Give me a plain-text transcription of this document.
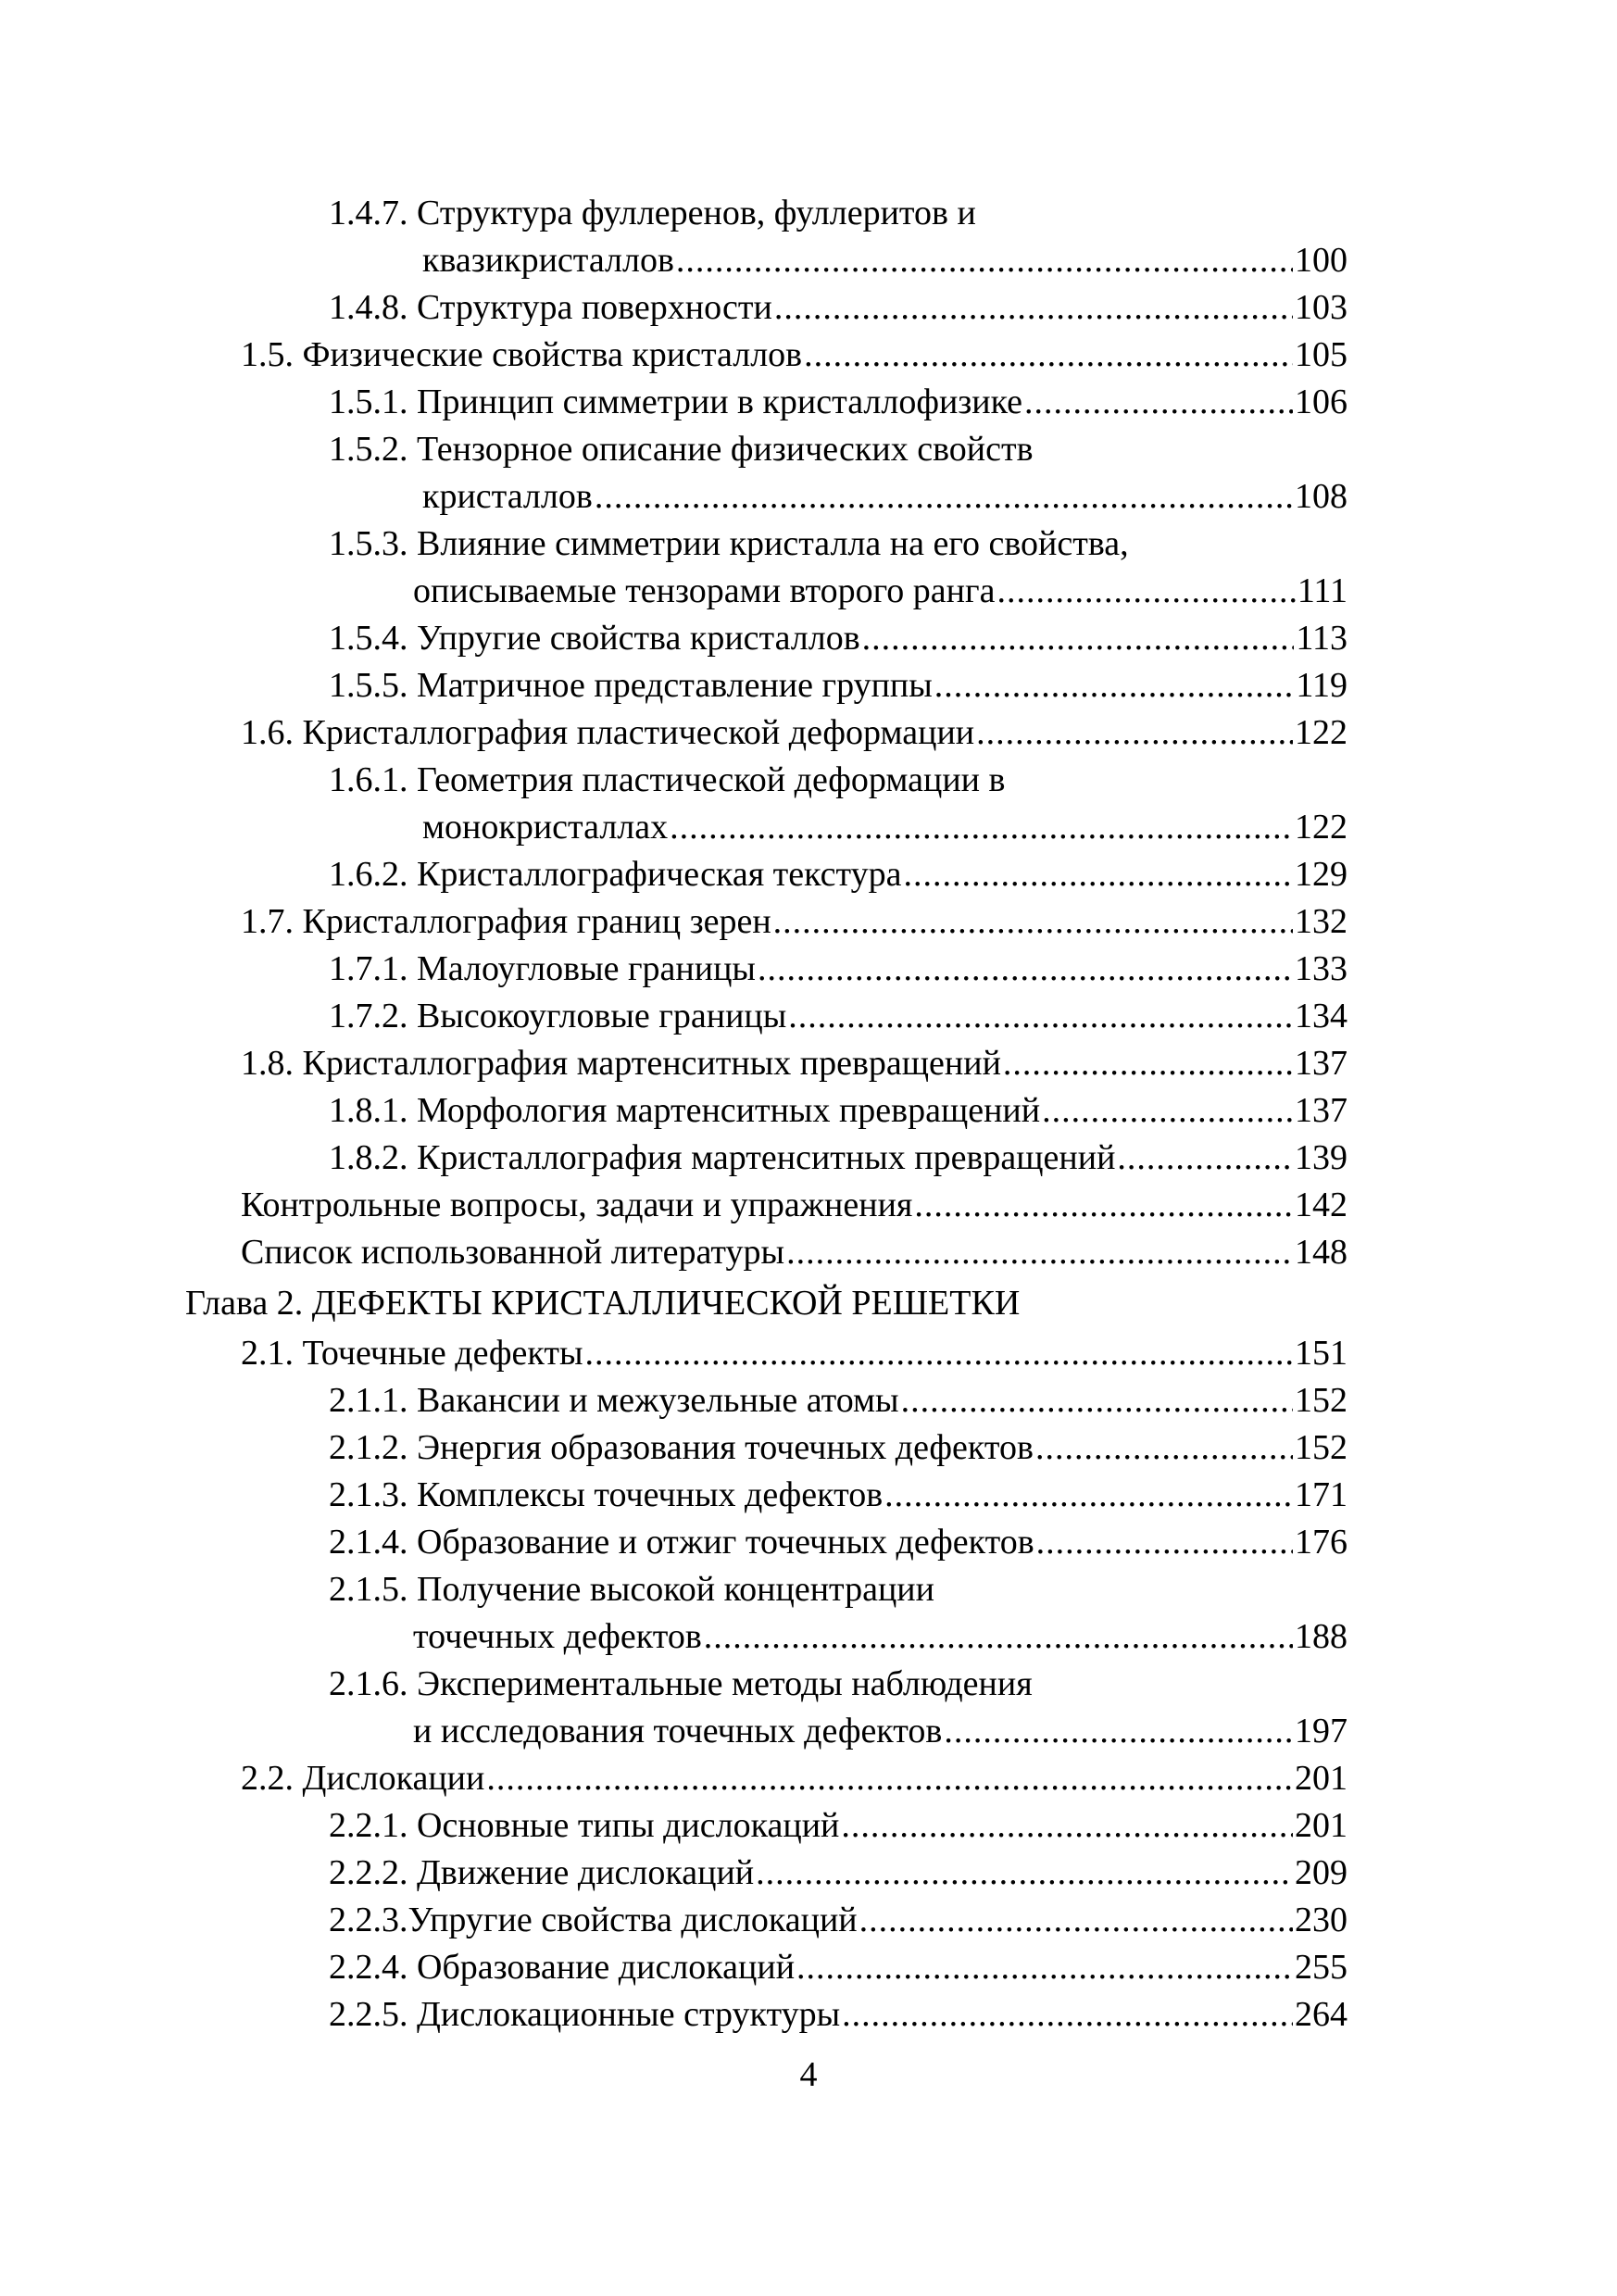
1.4.7. Структура фуллеренов, фуллеритов и
квазикристаллов .....	100
1.4.8. Структура поверхности .....	103
1.5. Физические свойства кристаллов .....	105
1.5.1. Принцип симметрии в кристаллофизике .....	106
1.5.2. Тензорное описание физических свойств
кристаллов .....	108
1.5.3. Влияние симметрии кристалла на его свойства,
описываемые тензорами второго ранга .....	111
1.5.4. Упругие свойства кристаллов .....	113
1.5.5. Матричное представление группы .....	119
1.6. Кристаллография пластической деформации .....	122
1.6.1. Геометрия пластической деформации в
монокристаллах .....	122
1.6.2. Кристаллографическая текстура .....	129
1.7. Кристаллография границ зерен .....	132
1.7.1. Малоугловые границы .....	133
1.7.2. Высокоугловые границы .....	134
1.8. Кристаллография мартенситных превращений .....	137
1.8.1. Морфология мартенситных превращений .....	137
1.8.2. Кристаллография мартенситных превращений .....	139
Контрольные вопросы, задачи и упражнения .....	142
Список использованной литературы .....	148
Глава 2. ДЕФЕКТЫ КРИСТАЛЛИЧЕСКОЙ РЕШЕТКИ
2.1. Точечные дефекты .....	151
2.1.1. Вакансии и межузельные атомы .....	152
2.1.2. Энергия образования точечных дефектов .....	152
2.1.3. Комплексы точечных дефектов .....	171
2.1.4. Образование и отжиг точечных дефектов .....	176
2.1.5. Получение высокой концентрации
точечных дефектов .....	188
2.1.6. Экспериментальные методы наблюдения
и исследования точечных дефектов .....	197
2.2. Дислокации .....	201
2.2.1. Основные типы дислокаций .....	201
2.2.2. Движение дислокаций .....	209
2.2.3.Упругие свойства дислокаций .....	230
2.2.4. Образование дислокаций .....	255
2.2.5. Дислокационные структуры .....	264
4
